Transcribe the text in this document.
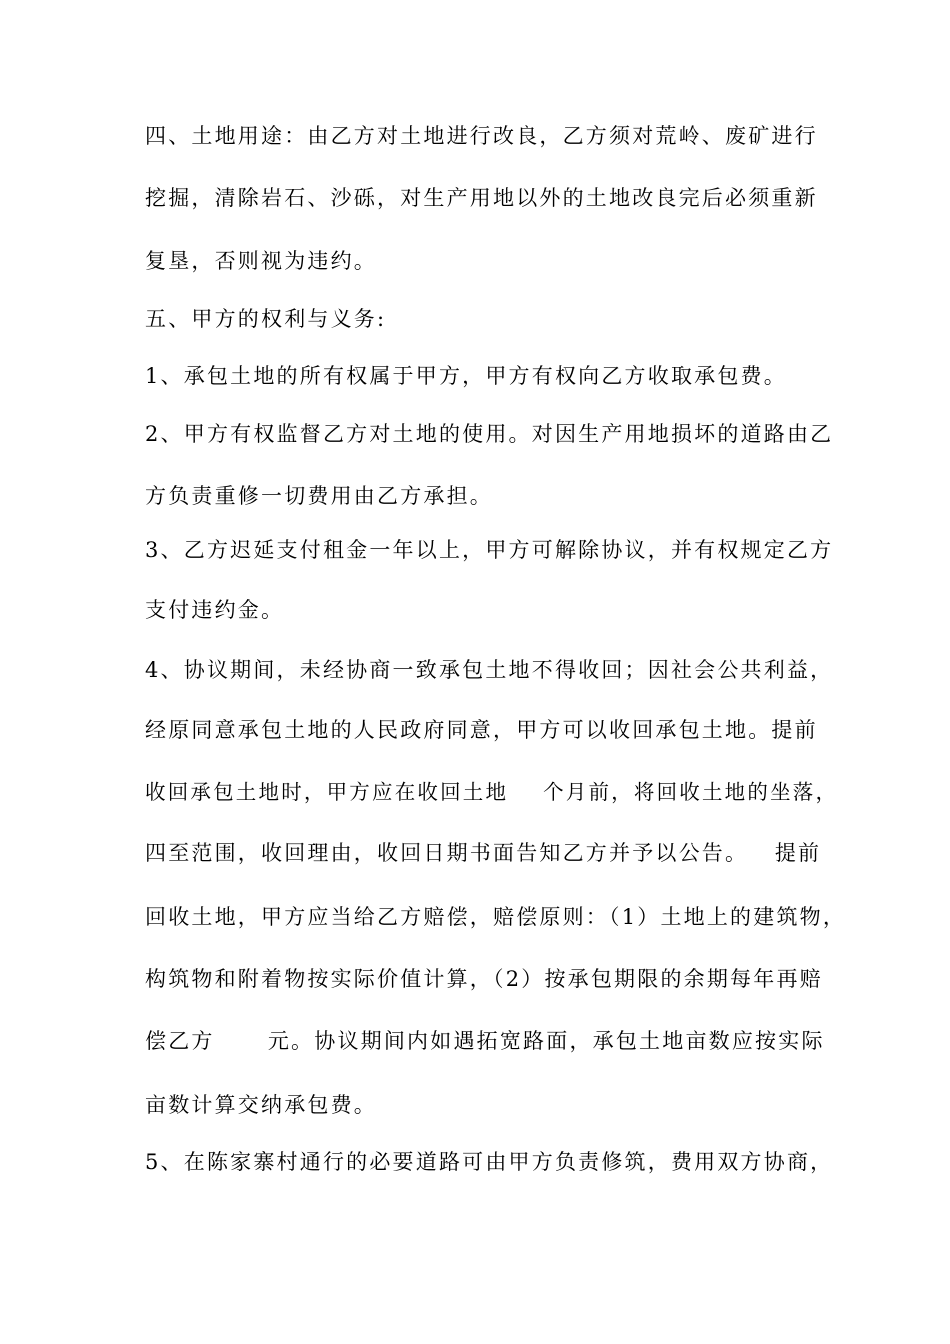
四、土地用途：由乙方对土地进行改良，乙方须对荒岭、废矿进行

挖掘，清除岩石、沙砾，对生产用地以外的土地改良完后必须重新

复垦，否则视为违约。

五、甲方的权利与义务:

1、承包土地的所有权属于甲方，甲方有权向乙方收取承包费。

2、甲方有权监督乙方对土地的使用。对因生产用地损坏的道路由乙

方负责重修一切费用由乙方承担。

3、乙方迟延支付租金一年以上，甲方可解除协议，并有权规定乙方

支付违约金。

4、协议期间，未经协商一致承包土地不得收回；因社会公共利益，

经原同意承包土地的人民政府同意，甲方可以收回承包土地。提前

收回承包土地时，甲方应在收回土地    个月前，将回收土地的坐落，

四至范围，收回理由，收回日期书面告知乙方并予以公告。   提前

回收土地，甲方应当给乙方赔偿，赔偿原则：（1）土地上的建筑物，

构筑物和附着物按实际价值计算，（2）按承包期限的余期每年再赔

偿乙方      元。协议期间内如遇拓宽路面，承包土地亩数应按实际

亩数计算交纳承包费。

5、在陈家寨村通行的必要道路可由甲方负责修筑，费用双方协商，
